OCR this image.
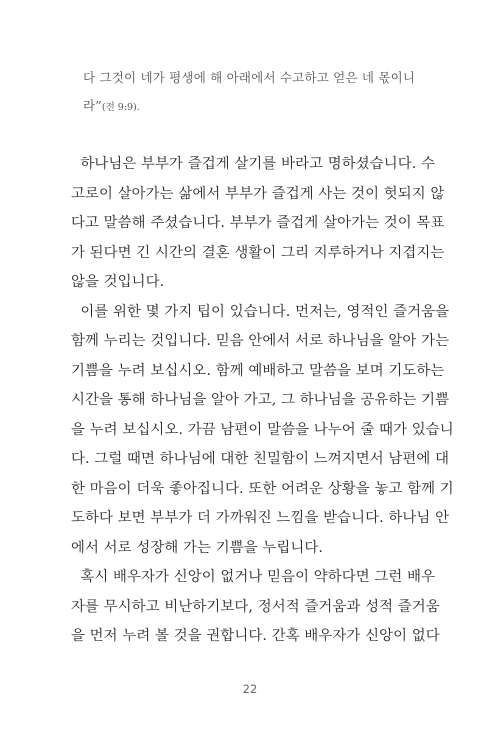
다 그것이 네가 평생에 해 아래에서 수고하고 얻은 네 몫이니
라”(전 9:9).
하나님은 부부가 즐겁게 살기를 바라고 명하셨습니다. 수
고로이 살아가는 삶에서 부부가 즐겁게 사는 것이 헛되지 않
다고 말씀해 주셨습니다. 부부가 즐겁게 살아가는 것이 목표
가 된다면 긴 시간의 결혼 생활이 그리 지루하거나 지겹지는
않을 것입니다.
이를 위한 몇 가지 팁이 있습니다. 먼저는, 영적인 즐거움을
함께 누리는 것입니다. 믿음 안에서 서로 하나님을 알아 가는
기쁨을 누려 보십시오. 함께 예배하고 말씀을 보며 기도하는
시간을 통해 하나님을 알아 가고, 그 하나님을 공유하는 기쁨
을 누려 보십시오. 가끔 남편이 말씀을 나누어 줄 때가 있습니
다. 그럴 때면 하나님에 대한 친밀함이 느껴지면서 남편에 대
한 마음이 더욱 좋아집니다. 또한 어려운 상황을 놓고 함께 기
도하다 보면 부부가 더 가까워진 느낌을 받습니다. 하나님 안
에서 서로 성장해 가는 기쁨을 누립니다.
혹시 배우자가 신앙이 없거나 믿음이 약하다면 그런 배우
자를 무시하고 비난하기보다, 정서적 즐거움과 성적 즐거움
을 먼저 누려 볼 것을 권합니다. 간혹 배우자가 신앙이 없다
22
